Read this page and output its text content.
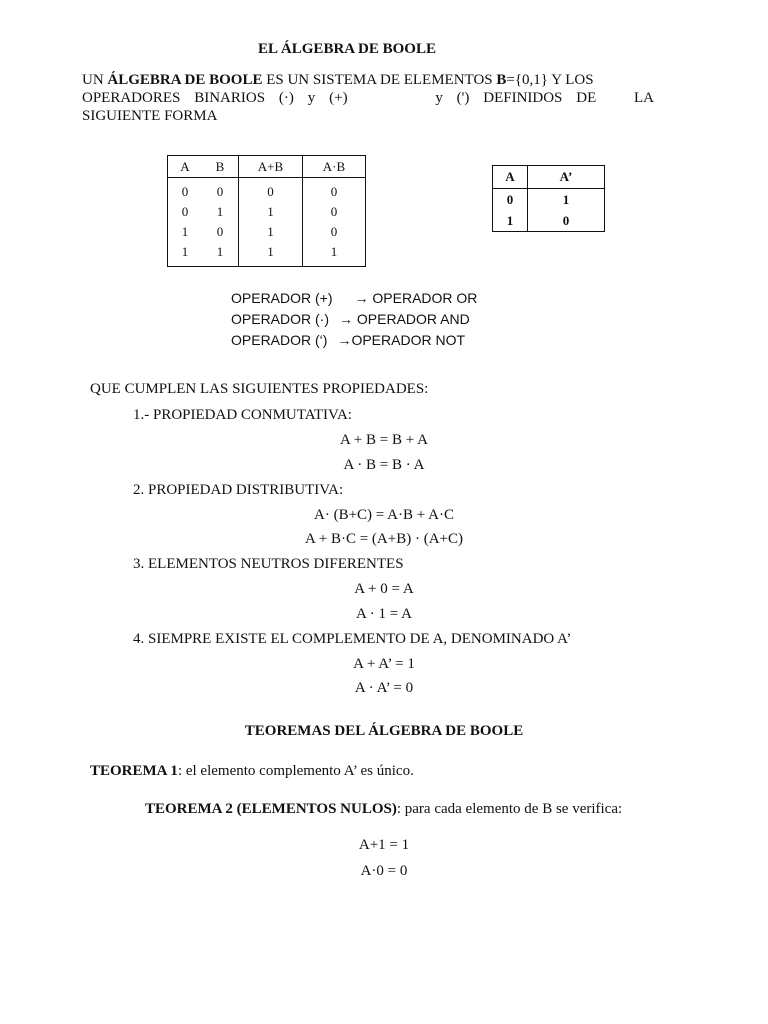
EL ÁLGEBRA DE BOOLE
UN ÁLGEBRA DE BOOLE ES UN SISTEMA DE ELEMENTOS B={0,1} Y LOS
OPERADORES BINARIOS (·) y (+)	y (') DEFINIDOS DE	LA
SIGUIENTE FORMA
A	B	A+B	A·B
0	0	0	0
0	1	1	0
1	0	1	0
1	1	1	1
A	A’
0	1
1	0
OPERADOR (+) → OPERADOR OR
OPERADOR (·) → OPERADOR AND
OPERADOR (‘) →OPERADOR NOT
QUE CUMPLEN LAS SIGUIENTES PROPIEDADES:
1.- PROPIEDAD CONMUTATIVA:
A + B = B + A
A · B = B · A
2. PROPIEDAD DISTRIBUTIVA:
A· (B+C) = A·B + A·C
A + B·C = (A+B) · (A+C)
3. ELEMENTOS NEUTROS DIFERENTES
A + 0 = A
A · 1 = A
4. SIEMPRE EXISTE EL COMPLEMENTO DE A, DENOMINADO A’
A + A’ = 1
A · A’ = 0
TEOREMAS DEL ÁLGEBRA DE BOOLE
TEOREMA 1: el elemento complemento A’ es único.
TEOREMA 2 (ELEMENTOS NULOS): para cada elemento de B se verifica:
A+1 = 1
A·0 = 0
